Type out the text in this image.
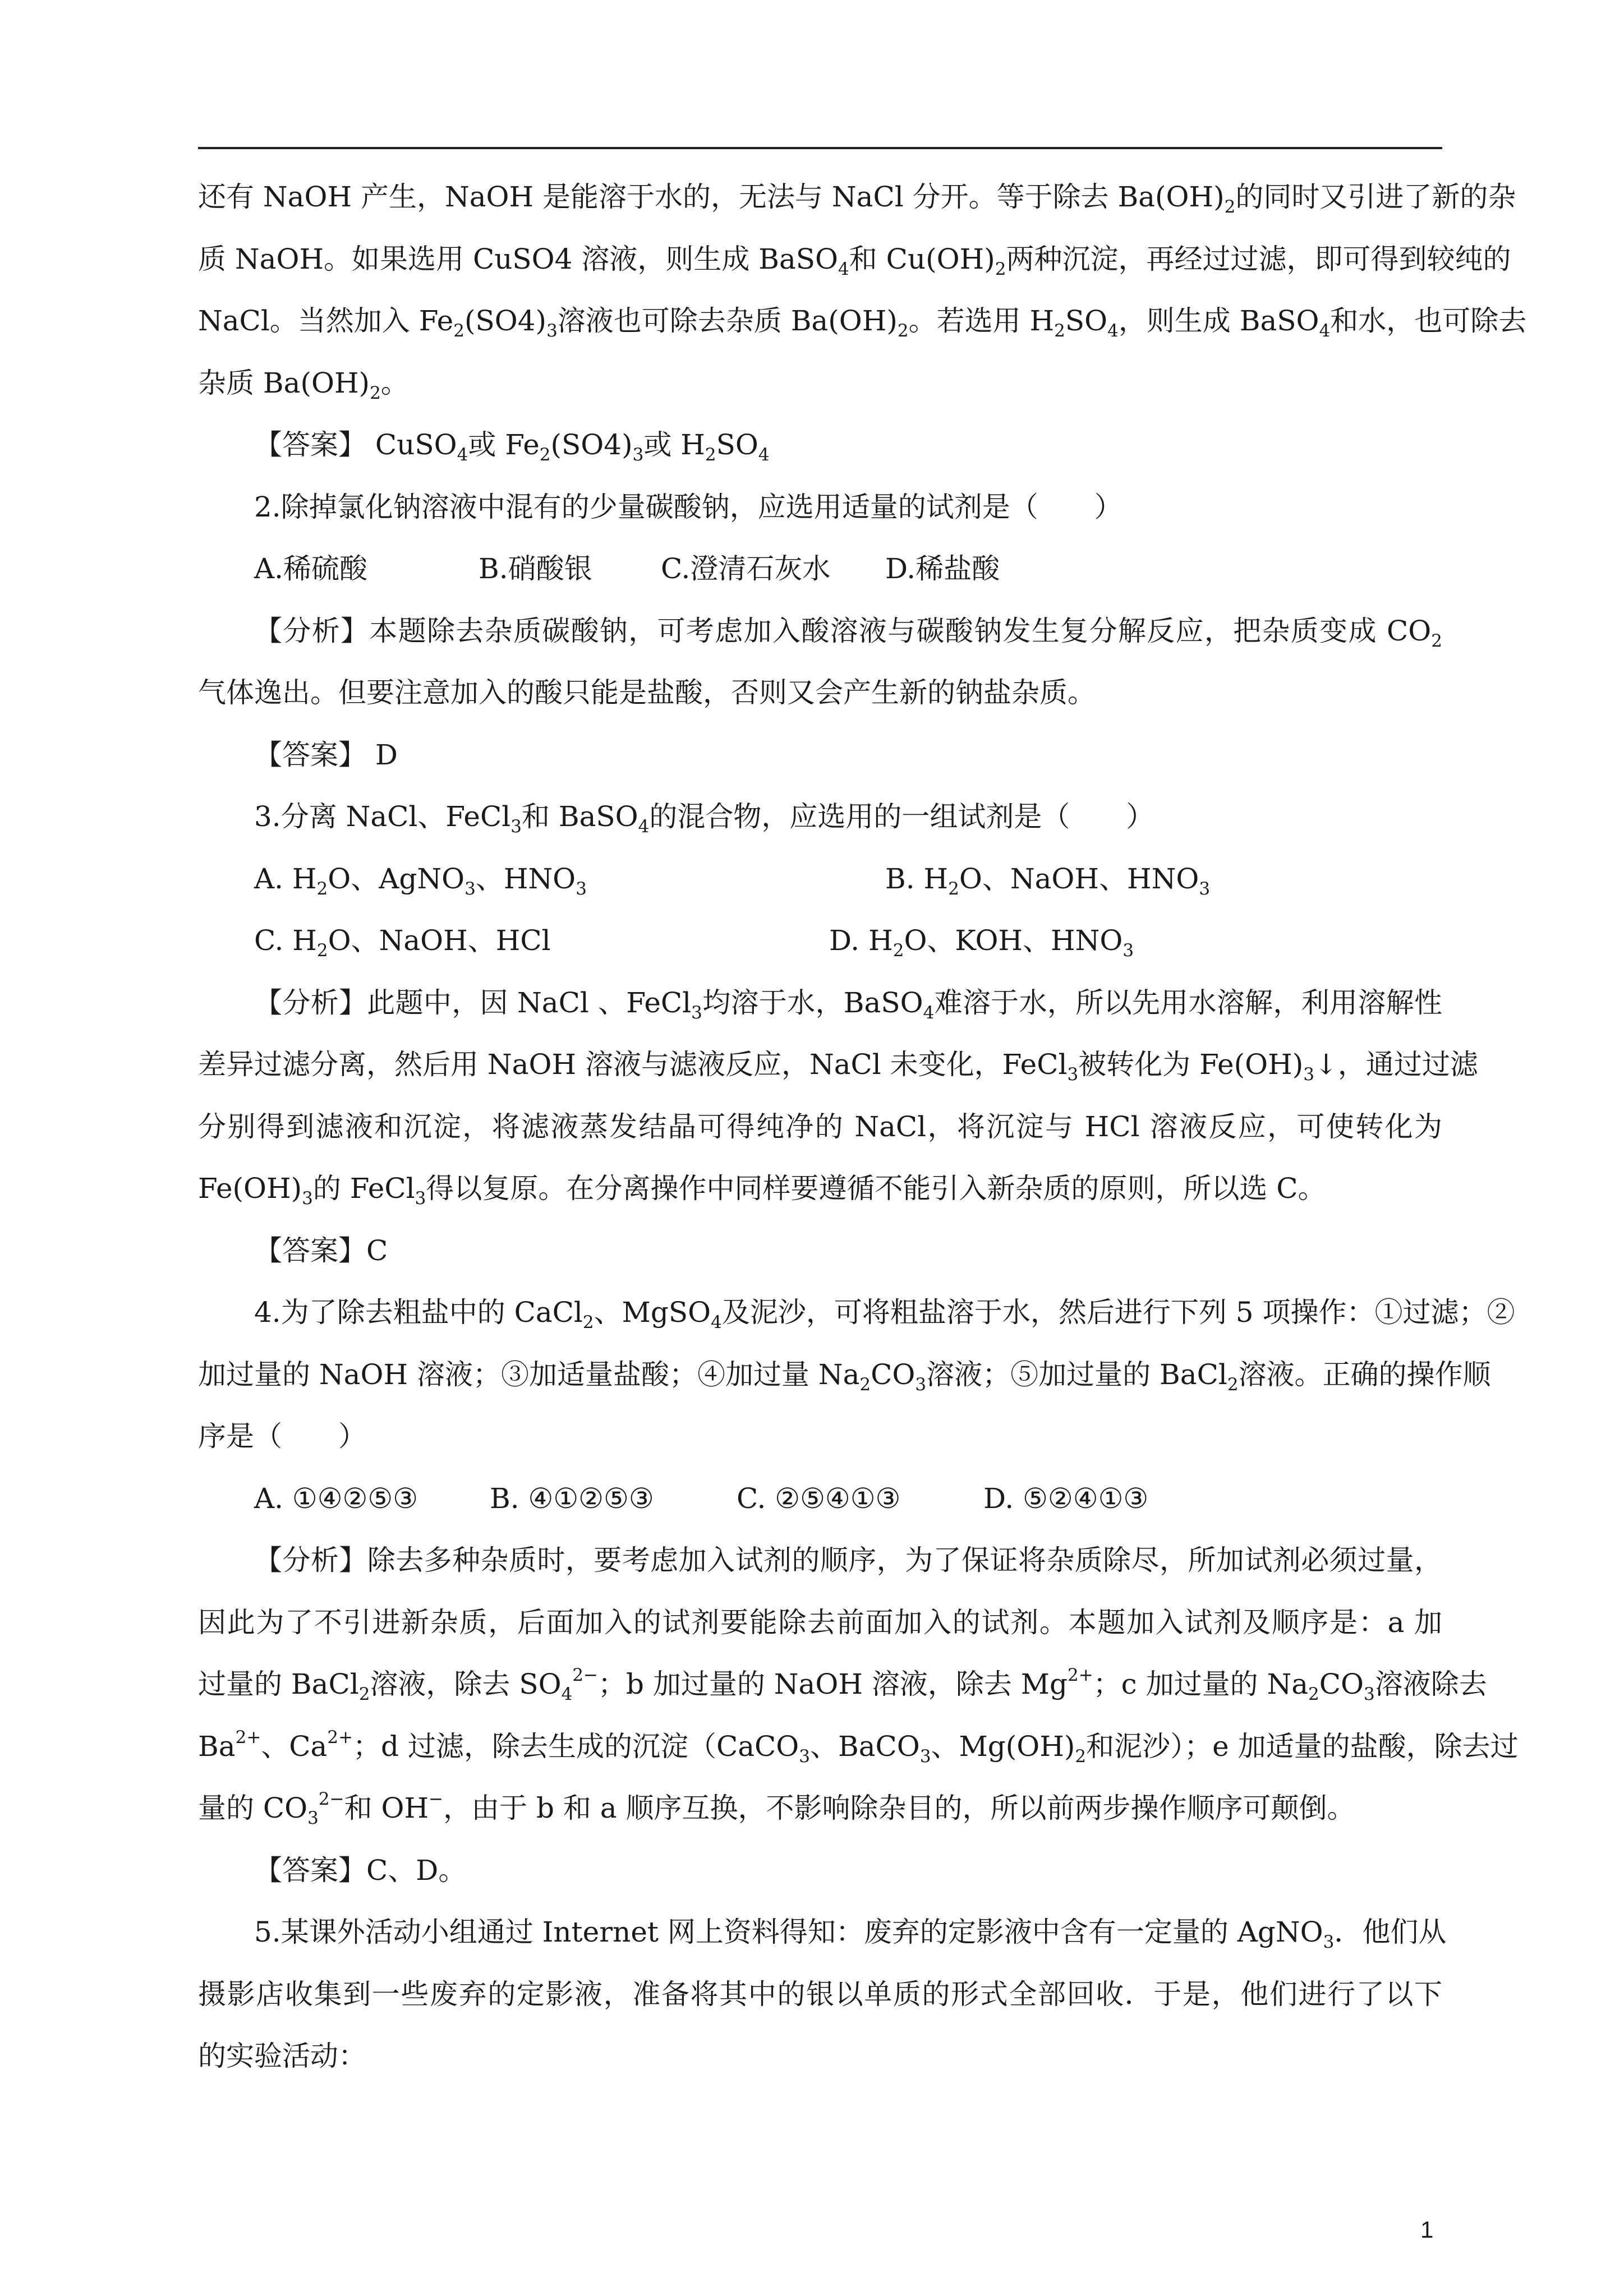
还有 NaOH 产生，NaOH 是能溶于水的，无法与 NaCl 分开。等于除去 $Ba(OH)_2$的同时又引进了新的杂
质 NaOH。如果选用 CuSO4 溶液，则生成 BaSO$_4$和 $Cu(OH)_2$两种沉淀，再经过过滤，即可得到较纯的
NaCl。当然加入 $Fe_2(SO4)_3$溶液也可除去杂质 $Ba(OH)_2$。若选用 $H_2SO_4$，则生成 BaSO$_4$和水，也可除去
杂质 $Ba(OH)_2$。
【答案】 CuSO$_4$或 $Fe_2(SO4)_3$或 $H_2SO_4$
2.除掉氯化钠溶液中混有的少量碳酸钠，应选用适量的试剂是（　　）
A.稀硫酸	B.硝酸银 C.澄清石灰水 D.稀盐酸
【分析】本题除去杂质碳酸钠，可考虑加入酸溶液与碳酸钠发生复分解反应，把杂质变成 $CO_2$
气体逸出。但要注意加入的酸只能是盐酸，否则又会产生新的钠盐杂质。
【答案】 D
3.分离 NaCl、FeCl$_3$和 BaSO$_4$的混合物，应选用的一组试剂是（　　）
A. $H_2O$、AgNO$_3$、$HNO_3$	B. $H_2O$、NaOH、$HNO_3$
C. $H_2O$、NaOH、HCl	D. $H_2O$、KOH、$HNO_3$
【分析】此题中，因 NaCl 、FeCl$_3$均溶于水，BaSO$_4$难溶于水，所以先用水溶解，利用溶解性
差异过滤分离，然后用 NaOH 溶液与滤液反应，NaCl 未变化，FeCl$_3$被转化为 $Fe(OH)_3↓$，通过过滤
分别得到滤液和沉淀，将滤液蒸发结晶可得纯净的 NaCl，将沉淀与 HCl 溶液反应，可使转化为
$Fe(OH)_3$的 FeCl$_3$得以复原。在分离操作中同样要遵循不能引入新杂质的原则，所以选 C。
【答案】C
4.为了除去粗盐中的 CaCl$_2$、MgSO$_4$及泥沙，可将粗盐溶于水，然后进行下列 5 项操作：①过滤；②
加过量的 NaOH 溶液；③加适量盐酸；④加过量 $Na_2CO_3$溶液；⑤加过量的 BaCl$_2$溶液。正确的操作顺
序是（　　）
A. ①④②⑤③	B. ④①②⑤③	C. ②⑤④①③	D. ⑤②④①③
【分析】除去多种杂质时，要考虑加入试剂的顺序，为了保证将杂质除尽，所加试剂必须过量，
因此为了不引进新杂质，后面加入的试剂要能除去前面加入的试剂。本题加入试剂及顺序是：a 加
过量的 BaCl$_2$溶液，除去 $SO_4^{2-}$；b 加过量的 NaOH 溶液，除去 $Mg^{2+}$；c 加过量的 $Na_2CO_3$溶液除去
$Ba^{2+}$、$Ca^{2+}$；d 过滤，除去生成的沉淀（CaCO$_3$、BaCO$_3$、$Mg(OH)_2$和泥沙）；e 加适量的盐酸，除去过
量的 $CO_3^{2-}$和 OH−，由于 b 和 a 顺序互换，不影响除杂目的，所以前两步操作顺序可颠倒。
【答案】C、D。
5.某课外活动小组通过 Internet 网上资料得知：废弃的定影液中含有一定量的 AgNO$_3$．他们从
摄影店收集到一些废弃的定影液，准备将其中的银以单质的形式全部回收．于是，他们进行了以下
的实验活动：
1
